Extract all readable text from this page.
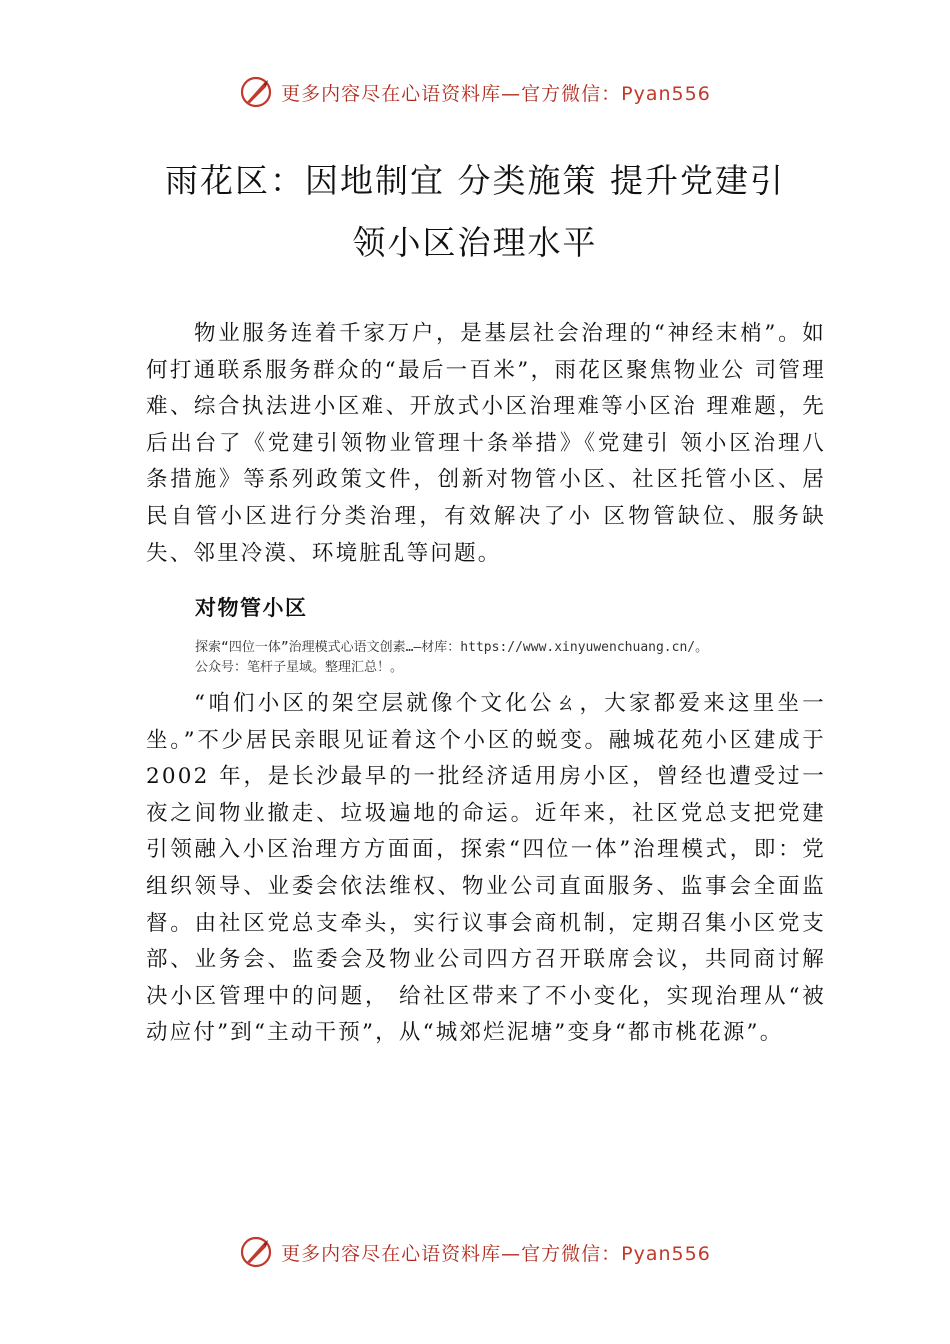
更多内容尽在心语资料库—官方微信：Pyan556
雨花区：因地制宜 分类施策 提升党建引
领小区治理水平

物业服务连着千家万户，是基层社会治理的“神经末梢”。如何打通联系服务群众的“最后一百米”，雨花区聚焦物业公 司管理难、综合执法进小区难、开放式小区治理难等小区治 理难题，先后出台了《党建引领物业管理十条举措》《党建引 领小区治理八条措施》等系列政策文件，创新对物管小区、社区托管小区、居民自管小区进行分类治理，有效解决了小 区物管缺位、服务缺失、邻里冷漠、环境脏乱等问题。

对物管小区

探索“四位一体”治理模式心语文创素…—材库：https://www.xinyuwenchuang.cn/。公众号：笔杆子星域。整理汇总！。

“咱们小区的架空层就像个文化公ㄠ，大家都爱来这里坐一坐。”不少居民亲眼见证着这个小区的蜕变。融城花苑小区建成于 2002 年，是长沙最早的一批经济适用房小区，曾经也遭受过一夜之间物业撤走、垃圾遍地的命运。近年来，社区党总支把党建引领融入小区治理方方面面，探索“四位一体”治理模式，即：党组织领导、业委会依法维权、物业公司直面服务、监事会全面监督。由社区党总支牵头，实行议事会商机制，定期召集小区党支部、业务会、监委会及物业公司四方召开联席会议，共同商讨解决小区管理中的问题， 给社区带来了不小变化，实现治理从“被动应付”到“主动干预”，从“城郊烂泥塘”变身“都市桃花源”。

更多内容尽在心语资料库—官方微信：Pyan556
